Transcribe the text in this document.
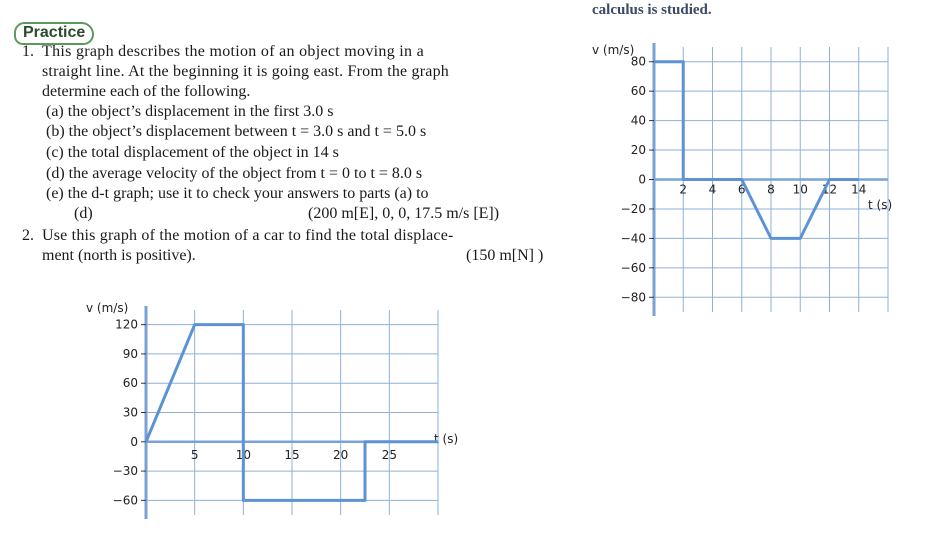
calculus is studied.
Practice
1. This graph describes the motion of an object moving in a
straight line. At the beginning it is going east. From the graph
determine each of the following.
(a) the object’s displacement in the first 3.0 s
(b) the object’s displacement between t = 3.0 s and t = 5.0 s
(c) the total displacement of the object in 14 s
(d) the average velocity of the object from t = 0 to t = 8.0 s
(e) the d-t graph; use it to check your answers to parts (a) to
(d)	(200 m[E], 0, 0, 17.5 m/s [E])
2. Use this graph of the motion of a car to find the total displace-
ment (north is positive).	(150 m[N] )
80
60
40
20
0
−20
−40
−60
−80
2 4 6 8 10 12 14
v (m/s)
t (s)
120
90
60
30
0
−30
−60
5	10	15	20	25
v (m/s)
t (s)
